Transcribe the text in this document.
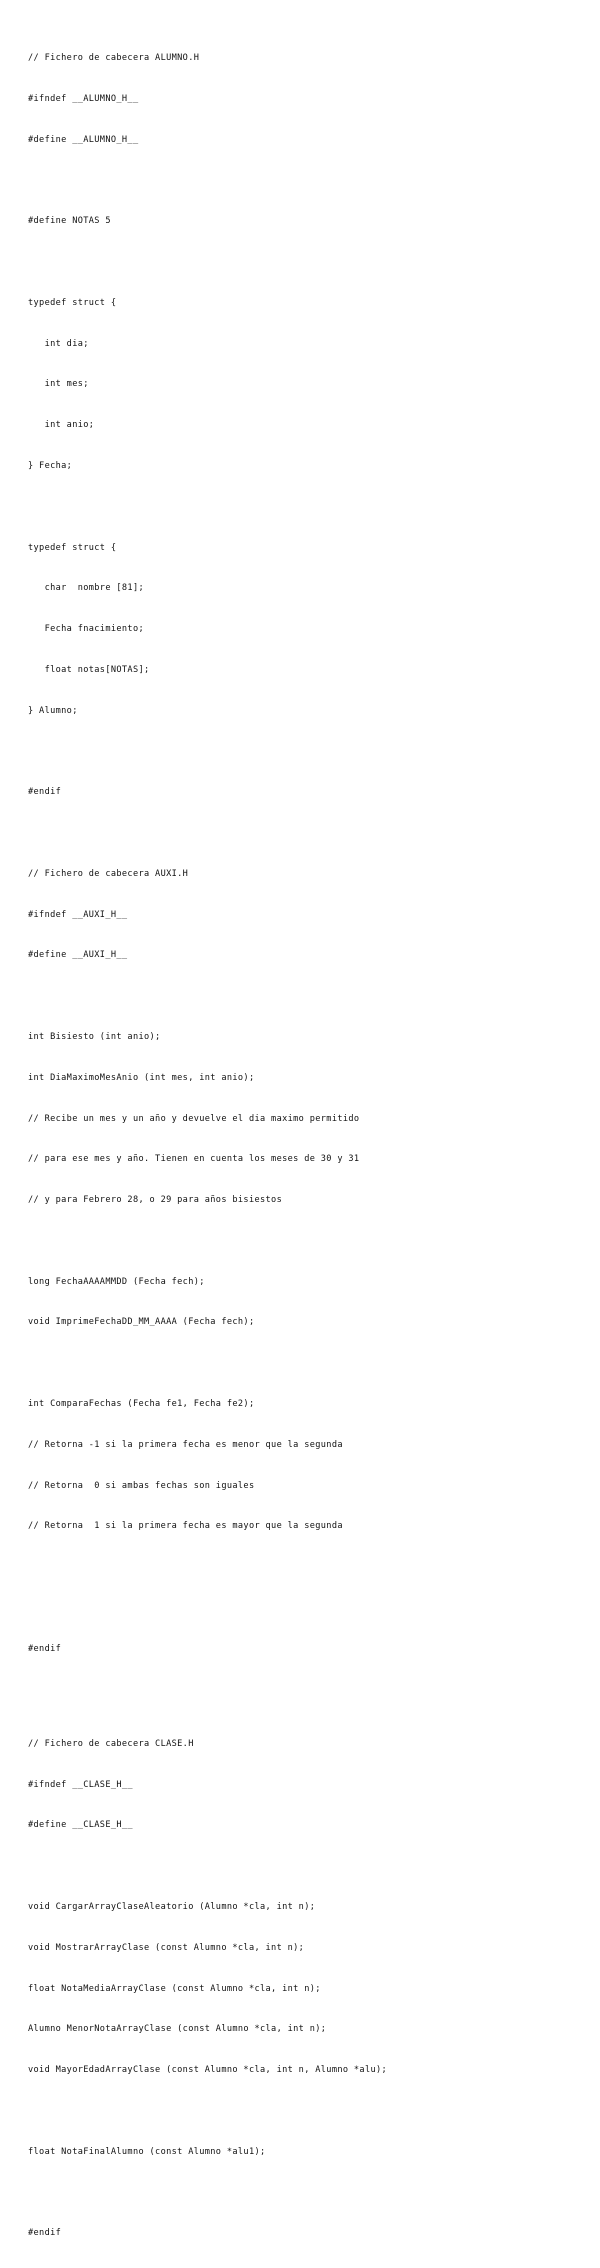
// Fichero de cabecera ALUMNO.H

#ifndef __ALUMNO_H__

#define __ALUMNO_H__

#define NOTAS 5

typedef struct {

int dia;

int mes;

int anio;

} Fecha;

typedef struct {

char  nombre [81];

Fecha fnacimiento;

float notas[NOTAS];

} Alumno;

#endif

// Fichero de cabecera AUXI.H

#ifndef __AUXI_H__

#define __AUXI_H__

int Bisiesto (int anio);

int DiaMaximoMesAnio (int mes, int anio);

// Recibe un mes y un año y devuelve el dia maximo permitido

// para ese mes y año. Tienen en cuenta los meses de 30 y 31

// y para Febrero 28, o 29 para años bisiestos

long FechaAAAAMMDD (Fecha fech);

void ImprimeFechaDD_MM_AAAA (Fecha fech);

int ComparaFechas (Fecha fe1, Fecha fe2);

// Retorna -1 si la primera fecha es menor que la segunda

// Retorna  0 si ambas fechas son iguales

// Retorna  1 si la primera fecha es mayor que la segunda

#endif

// Fichero de cabecera CLASE.H

#ifndef __CLASE_H__

#define __CLASE_H__

void CargarArrayClaseAleatorio (Alumno *cla, int n);

void MostrarArrayClase (const Alumno *cla, int n);

float NotaMediaArrayClase (const Alumno *cla, int n);

Alumno MenorNotaArrayClase (const Alumno *cla, int n);

void MayorEdadArrayClase (const Alumno *cla, int n, Alumno *alu);

float NotaFinalAlumno (const Alumno *alu1);

#endif
